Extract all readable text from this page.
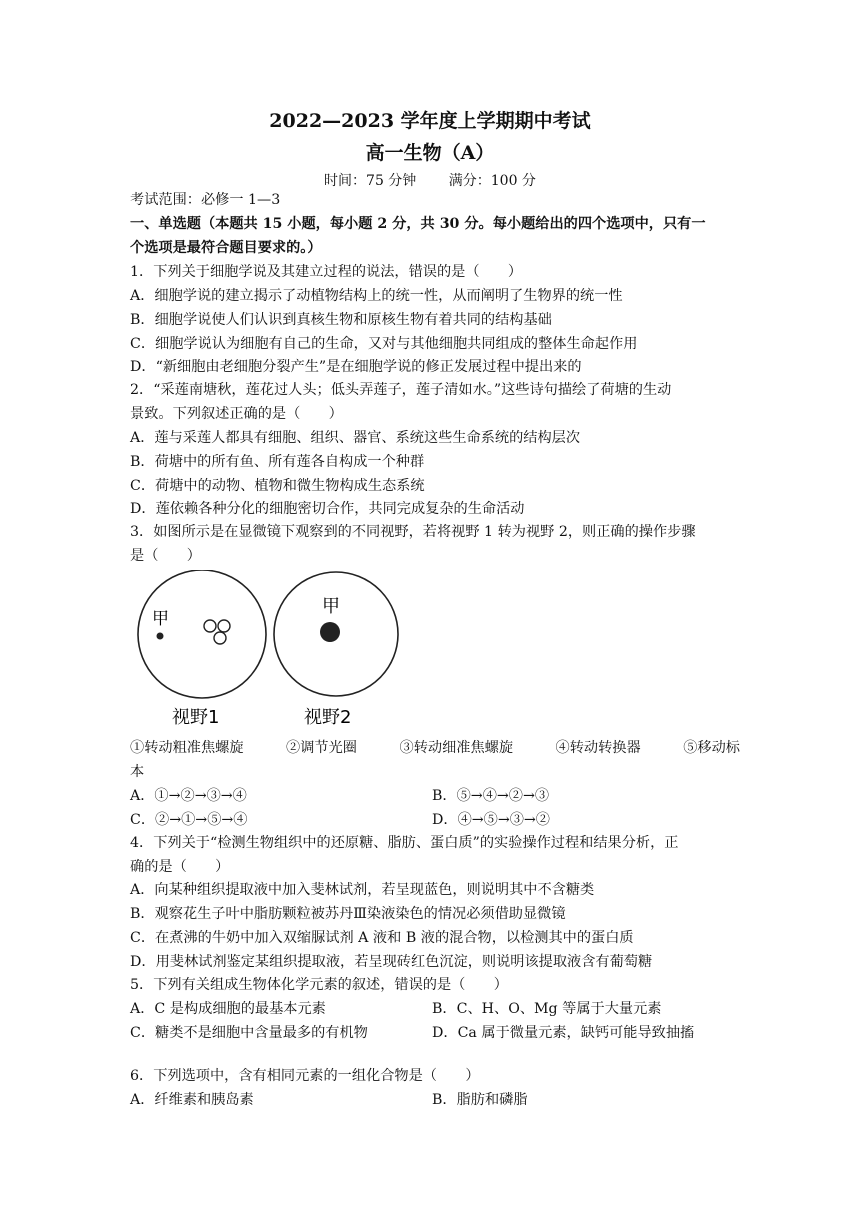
2022—2023 学年度上学期期中考试
高一生物（A）
时间：75 分钟 满分：100 分
考试范围：必修一 1—3
一、单选题（本题共 15 小题，每小题 2 分，共 30 分。每小题给出的四个选项中，只有一
个选项是最符合题目要求的。）
1．下列关于细胞学说及其建立过程的说法，错误的是（　　）
A．细胞学说的建立揭示了动植物结构上的统一性，从而阐明了生物界的统一性
B．细胞学说使人们认识到真核生物和原核生物有着共同的结构基础
C．细胞学说认为细胞有自己的生命，又对与其他细胞共同组成的整体生命起作用
D．“新细胞由老细胞分裂产生”是在细胞学说的修正发展过程中提出来的
2．“采莲南塘秋，莲花过人头；低头弄莲子，莲子清如水。”这些诗句描绘了荷塘的生动
景致。下列叙述正确的是（　　）
A．莲与采莲人都具有细胞、组织、器官、系统这些生命系统的结构层次
B．荷塘中的所有鱼、所有莲各自构成一个种群
C．荷塘中的动物、植物和微生物构成生态系统
D．莲依赖各种分化的细胞密切合作，共同完成复杂的生命活动
3．如图所示是在显微镜下观察到的不同视野，若将视野 1 转为视野 2，则正确的操作步骤
是（　　）
甲
视野1
甲
视野2
①转动粗准焦螺旋	②调节光圈	③转动细准焦螺旋	④转动转换器	⑤移动标
本
A．①→②→③→④	B．⑤→④→②→③
C．②→①→⑤→④	D．④→⑤→③→②
4．下列关于“检测生物组织中的还原糖、脂肪、蛋白质”的实验操作过程和结果分析，正
确的是（　　）
A．向某种组织提取液中加入斐林试剂，若呈现蓝色，则说明其中不含糖类
B．观察花生子叶中脂肪颗粒被苏丹Ⅲ染液染色的情况必须借助显微镜
C．在煮沸的牛奶中加入双缩脲试剂 A 液和 B 液的混合物，以检测其中的蛋白质
D．用斐林试剂鉴定某组织提取液，若呈现砖红色沉淀，则说明该提取液含有葡萄糖
5．下列有关组成生物体化学元素的叙述，错误的是（　　）
A．C 是构成细胞的最基本元素	B．C、H、O、Mg 等属于大量元素
C．糖类不是细胞中含量最多的有机物	D．Ca 属于微量元素，缺钙可能导致抽搐
6．下列选项中，含有相同元素的一组化合物是（　　）
A．纤维素和胰岛素	B．脂肪和磷脂
